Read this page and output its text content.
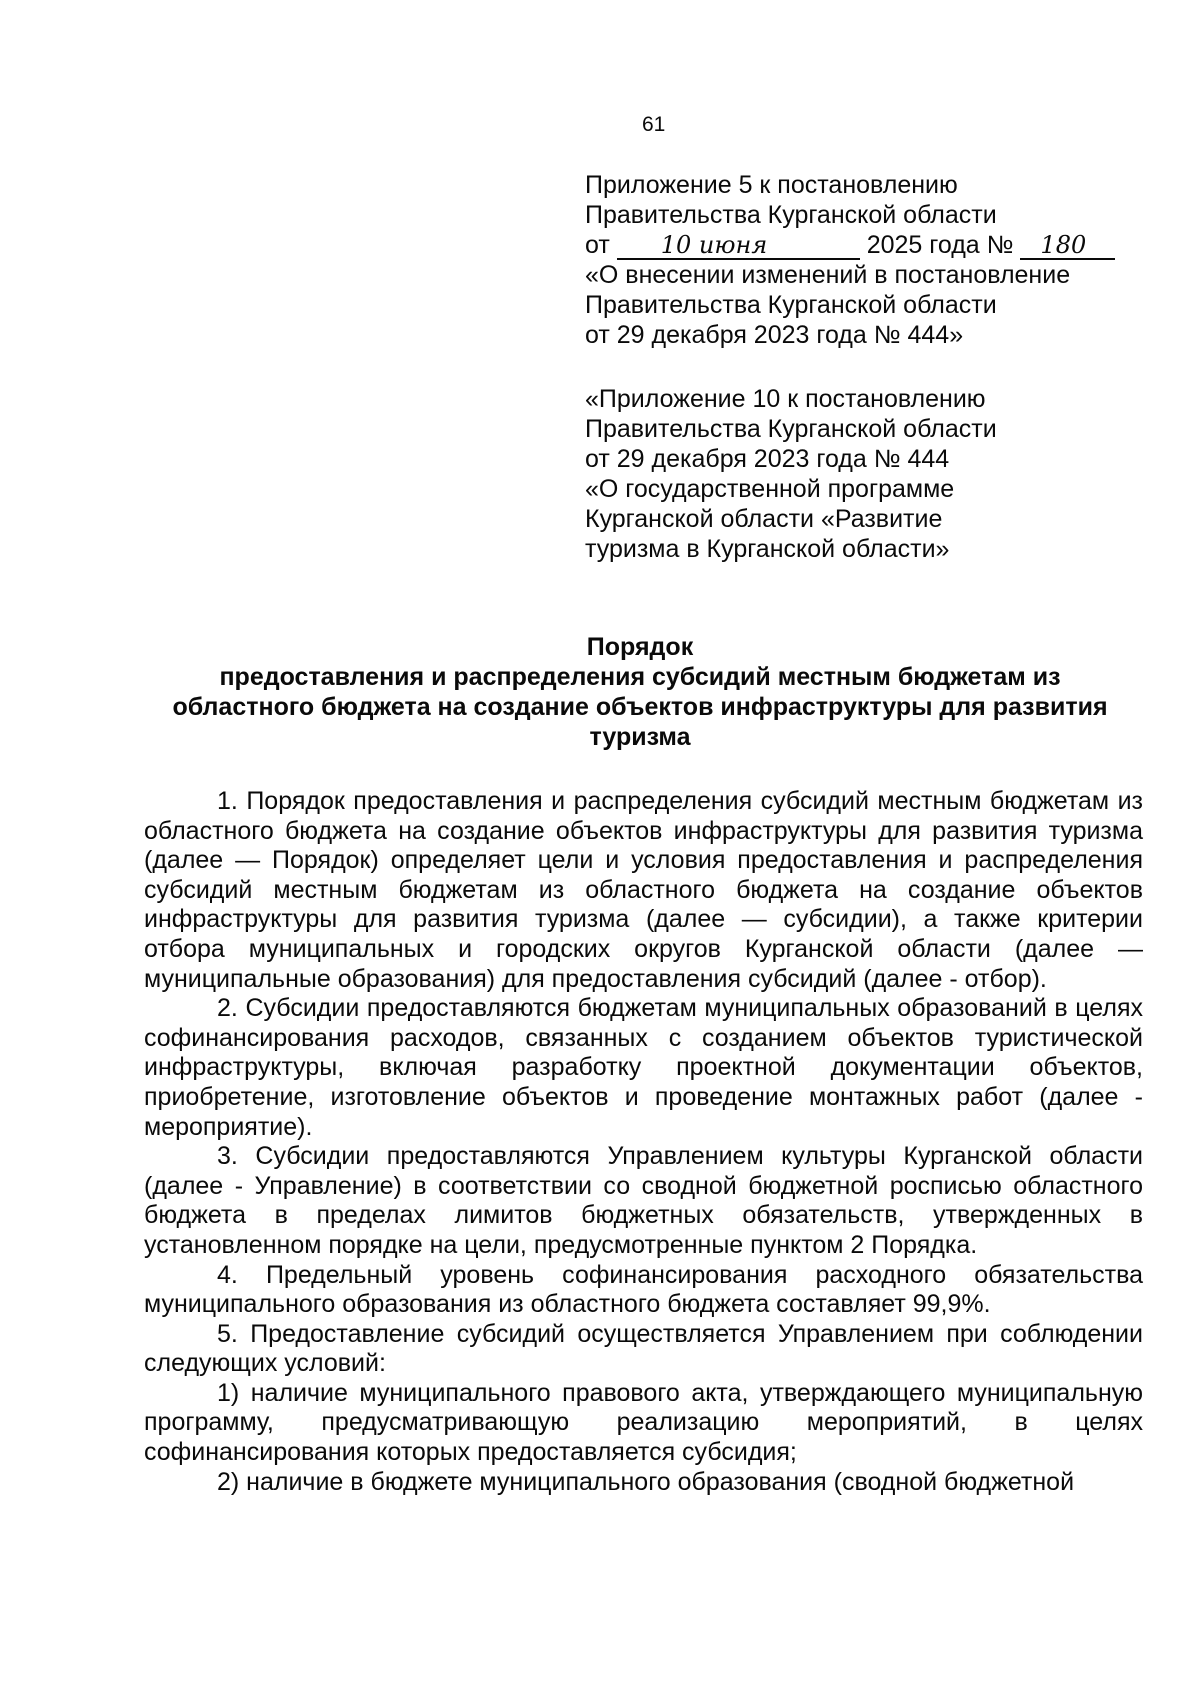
61
Приложение 5 к постановлению
Правительства Курганской области
от 10 июня	2025 года № 180
«О внесении изменений в постановление
Правительства Курганской области
от 29 декабря 2023 года № 444»
«Приложение 10 к постановлению
Правительства Курганской области
от 29 декабря 2023 года № 444
«О государственной программе
Курганской области «Развитие
туризма в Курганской области»
Порядок
предоставления и распределения субсидий местным бюджетам из
областного бюджета на создание объектов инфраструктуры для развития
туризма

1. Порядок предоставления и распределения субсидий местным бюджетам из областного бюджета на создание объектов инфраструктуры для развития туризма (далее — Порядок) определяет цели и условия предоставления и распределения субсидий местным бюджетам из областного бюджета на создание объектов инфраструктуры для развития туризма (далее — субсидии), а также критерии отбора муниципальных и городских округов Курганской области (далее — муниципальные образования) для предоставления субсидий (далее - отбор).

2. Субсидии предоставляются бюджетам муниципальных образований в целях софинансирования расходов, связанных с созданием объектов туристической инфраструктуры, включая разработку проектной документации объектов, приобретение, изготовление объектов и проведение монтажных работ (далее - мероприятие).

3. Субсидии предоставляются Управлением культуры Курганской области (далее - Управление) в соответствии со сводной бюджетной росписью областного бюджета в пределах лимитов бюджетных обязательств, утвержденных в установленном порядке на цели, предусмотренные пунктом 2 Порядка.

4. Предельный уровень софинансирования расходного обязательства муниципального образования из областного бюджета составляет 99,9%.

5. Предоставление субсидий осуществляется Управлением при соблюдении следующих условий:

1) наличие муниципального правового акта, утверждающего муниципальную программу, предусматривающую реализацию мероприятий, в целях софинансирования которых предоставляется субсидия;

2) наличие в бюджете муниципального образования (сводной бюджетной
